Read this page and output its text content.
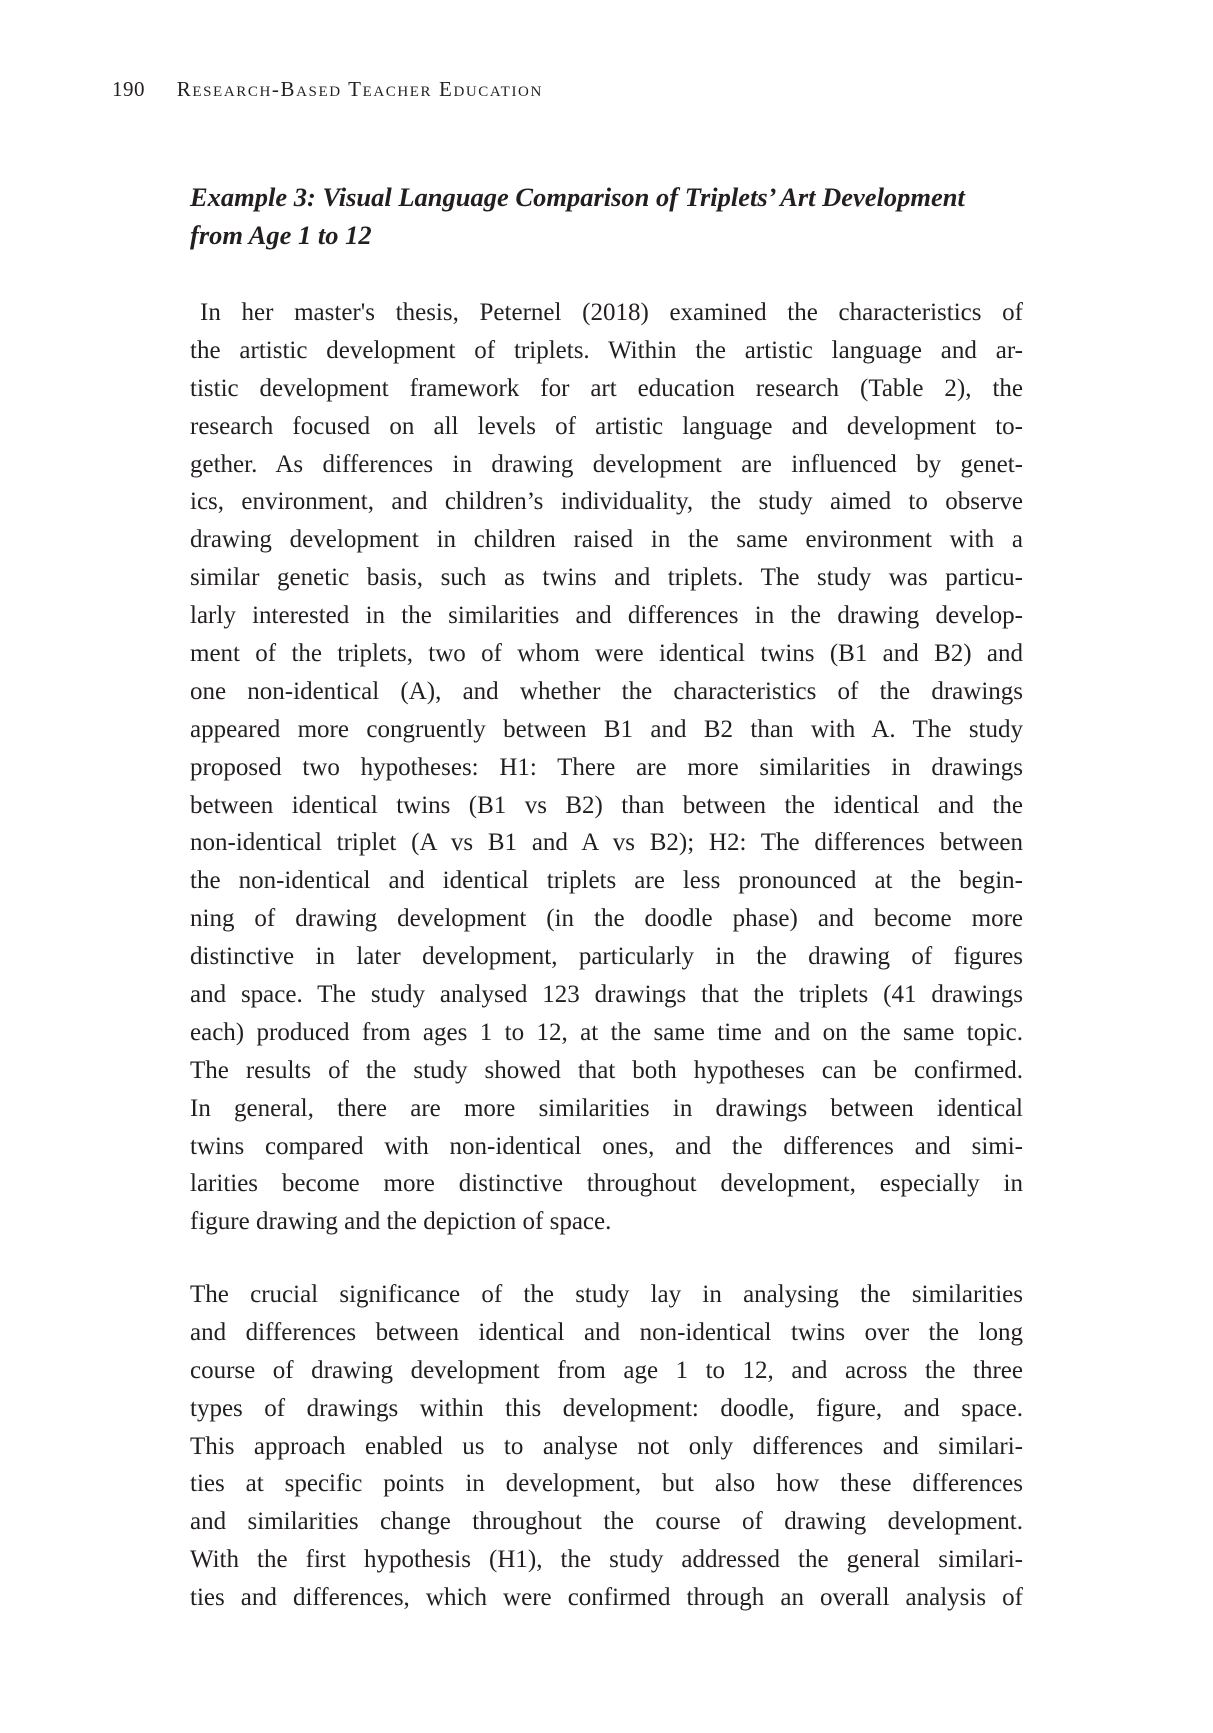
190 Research-Based Teacher Education
Example 3: Visual Language Comparison of Triplets’ Art Development
from Age 1 to 12
In her master's thesis, Peternel (2018) examined the characteristics of
the artistic development of triplets. Within the artistic language and ar-
tistic development framework for art education research (Table 2), the
research focused on all levels of artistic language and development to-
gether. As differences in drawing development are influenced by genet-
ics, environment, and children’s individuality, the study aimed to observe
drawing development in children raised in the same environment with a
similar genetic basis, such as twins and triplets. The study was particu-
larly interested in the similarities and differences in the drawing develop-
ment of the triplets, two of whom were identical twins (B1 and B2) and
one non-identical (A), and whether the characteristics of the drawings
appeared more congruently between B1 and B2 than with A. The study
proposed two hypotheses: H1: There are more similarities in drawings
between identical twins (B1 vs B2) than between the identical and the
non-identical triplet (A vs B1 and A vs B2); H2: The differences between
the non-identical and identical triplets are less pronounced at the begin-
ning of drawing development (in the doodle phase) and become more
distinctive in later development, particularly in the drawing of figures
and space. The study analysed 123 drawings that the triplets (41 drawings
each) produced from ages 1 to 12, at the same time and on the same topic.
The results of the study showed that both hypotheses can be confirmed.
In general, there are more similarities in drawings between identical
twins compared with non-identical ones, and the differences and simi-
larities become more distinctive throughout development, especially in
figure drawing and the depiction of space.
The crucial significance of the study lay in analysing the similarities
and differences between identical and non-identical twins over the long
course of drawing development from age 1 to 12, and across the three
types of drawings within this development: doodle, figure, and space.
This approach enabled us to analyse not only differences and similari-
ties at specific points in development, but also how these differences
and similarities change throughout the course of drawing development.
With the first hypothesis (H1), the study addressed the general similari-
ties and differences, which were confirmed through an overall analysis of
